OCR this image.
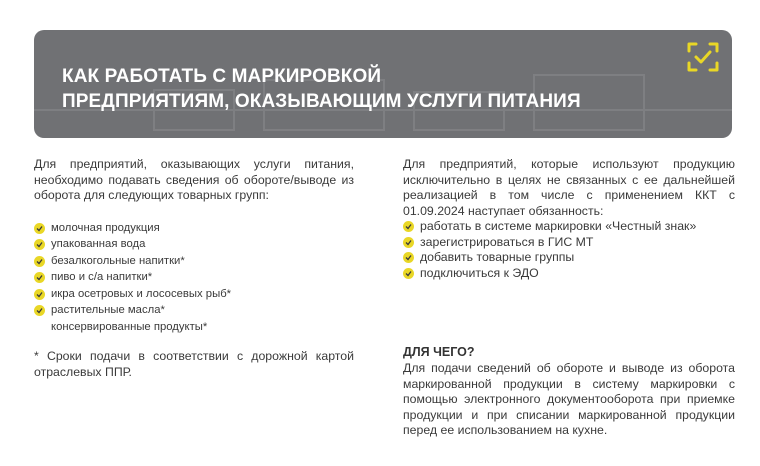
КАК РАБОТАТЬ С МАРКИРОВКОЙ
ПРЕДПРИЯТИЯМ, ОКАЗЫВАЮЩИМ УСЛУГИ ПИТАНИЯ

Для предприятий, оказывающих услуги питания, необходимо подавать сведения об обороте/выводе из оборота для следующих товарных групп:

молочная продукция
упакованная вода
безалкогольные напитки*
пиво и с/а напитки*
икра осетровых и лососевых рыб*
растительные масла*
консервированные продукты*

* Сроки подачи в соответствии с дорожной картой отраслевых ППР.

Для предприятий, которые используют продукцию исключительно в целях не связанных с ее дальнейшей реализацией в том числе с применением ККТ с 01.09.2024 наступает обязанность:

работать в системе маркировки «Честный знак»
зарегистрироваться в ГИС МТ
добавить товарные группы
подключиться к ЭДО

ДЛЯ ЧЕГО?

Для подачи сведений об обороте и выводе из оборота маркированной продукции в систему маркировки с помощью электронного документооборота при приемке продукции и при списании маркированной продукции перед ее использованием на кухне.
